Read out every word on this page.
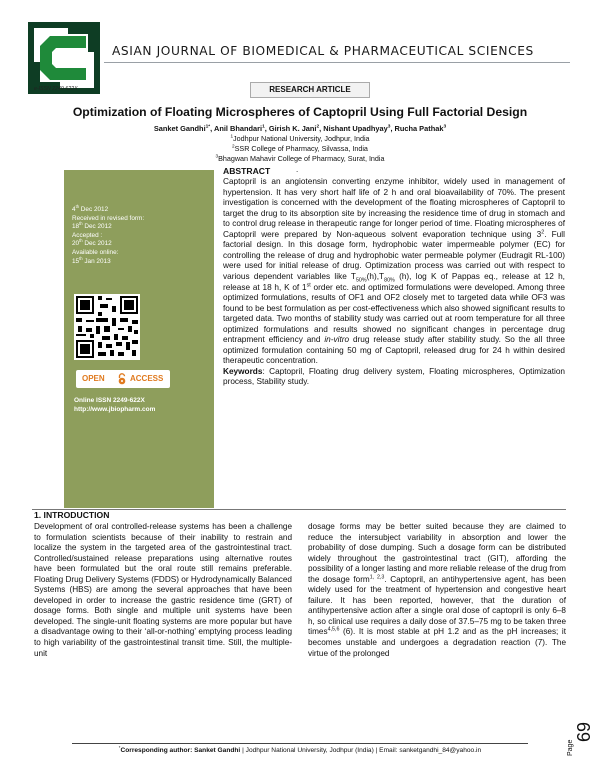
ASIAN JOURNAL OF BIOMEDICAL & PHARMACEUTICAL SCIENCES
e-ISSN 2249-622X	RESEARCH ARTICLE
Optimization of Floating Microspheres of Captopril Using Full Factorial Design
Sanket Gandhi$^{1*}$, Anil Bhandari$^1$, Girish K. Jani$^2$, Nishant Upadhyay$^3$, Rucha Pathak$^3$
$^1$Jodhpur National University, Jodhpur, India
$^2$SSR College of Pharmacy, Silvassa, India
$^3$Bhagwan Mahavir College of Pharmacy, Surat, India
.
4th Dec 2012
Received in revised form:
18th Dec 2012
Accepted :
20th Dec 2012
Available online:
15th Jan 2013
OPEN	ACCESS
Online ISSN 2249-622X
http://www.jbiopharm.com
ABSTRACT
Captopril is an angiotensin converting enzyme inhibitor, widely used in management of hypertension. It has very short half life of 2 h and oral bioavailability of 70%. The present investigation is concerned with the development of the floating microspheres of Captopril to target the drug to its absorption site by increasing the residence time of drug in stomach and to control drug release in therapeutic range for longer period of time. Floating microspheres of Captopril were prepared by Non-aqueous solvent evaporation technique using $3^2$. Full factorial design. In this dosage form, hydrophobic water impermeable polymer (EC) for controlling the release of drug and hydrophobic water permeable polymer (Eudragit RL-100) were used for initial release of drug. Optimization process was carried out with respect to various dependent variables like $T_{50\%}(h),T_{80\%}$ (h), log K of Pappas eq., release at 12 h, release at 18 h, K of 1st order etc. and optimized formulations were developed. Among three optimized formulations, results of OF1 and OF2 closely met to targeted data while OF3 was found to be best formulation as per cost-effectiveness which also showed significant results to targeted data. Two months of stability study was carried out at room temperature for all three optimized formulations and results showed no significant changes in percentage drug entrapment efficiency and in-vitro drug release study after stability study. So the all three optimized formulation containing 50 mg of Captopril, released drug for 24 h within desired therapeutic concentration.
Keywords: Captopril, Floating drug delivery system, Floating microspheres, Optimization process, Stability study.
1. INTRODUCTION
Development of oral controlled-release systems has been a challenge to formulation scientists because of their inability to restrain and localize the system in the targeted area of the gastrointestinal tract. Controlled/sustained release preparations using alternative routes have been formulated but the oral route still remains preferable. Floating Drug Delivery Systems (FDDS) or Hydrodynamically Balanced Systems (HBS) are among the several approaches that have been developed in order to increase the gastric residence time (GRT) of dosage forms. Both single and multiple unit systems have been developed. The single-unit floating systems are more popular but have a disadvantage owing to their ‘all-or-nothing’ emptying process leading to high variability of the gastrointestinal transit time. Still, the multiple-unit
dosage forms may be better suited because they are claimed to reduce the intersubject variability in absorption and lower the probability of dose dumping. Such a dosage form can be distributed widely throughout the gastrointestinal tract (GIT), affording the possibility of a longer lasting and more reliable release of the drug from the dosage form$^{1, 2,3}$. Captopril, an antihypertensive agent, has been widely used for the treatment of hypertension and congestive heart failure. It has been reported, however, that the duration of antihypertensive action after a single oral dose of captopril is only 6–8 h, so clinical use requires a daily dose of 37.5–75 mg to be taken three times$^{4,5,6}$ (6). It is most stable at pH 1.2 and as the pH increases; it becomes unstable and undergoes a degradation reaction (7). The virtue of the prolonged
Page
69
*Corresponding author: Sanket Gandhi | Jodhpur National University, Jodhpur (India) | Email: sanketgandhi_84@yahoo.in
